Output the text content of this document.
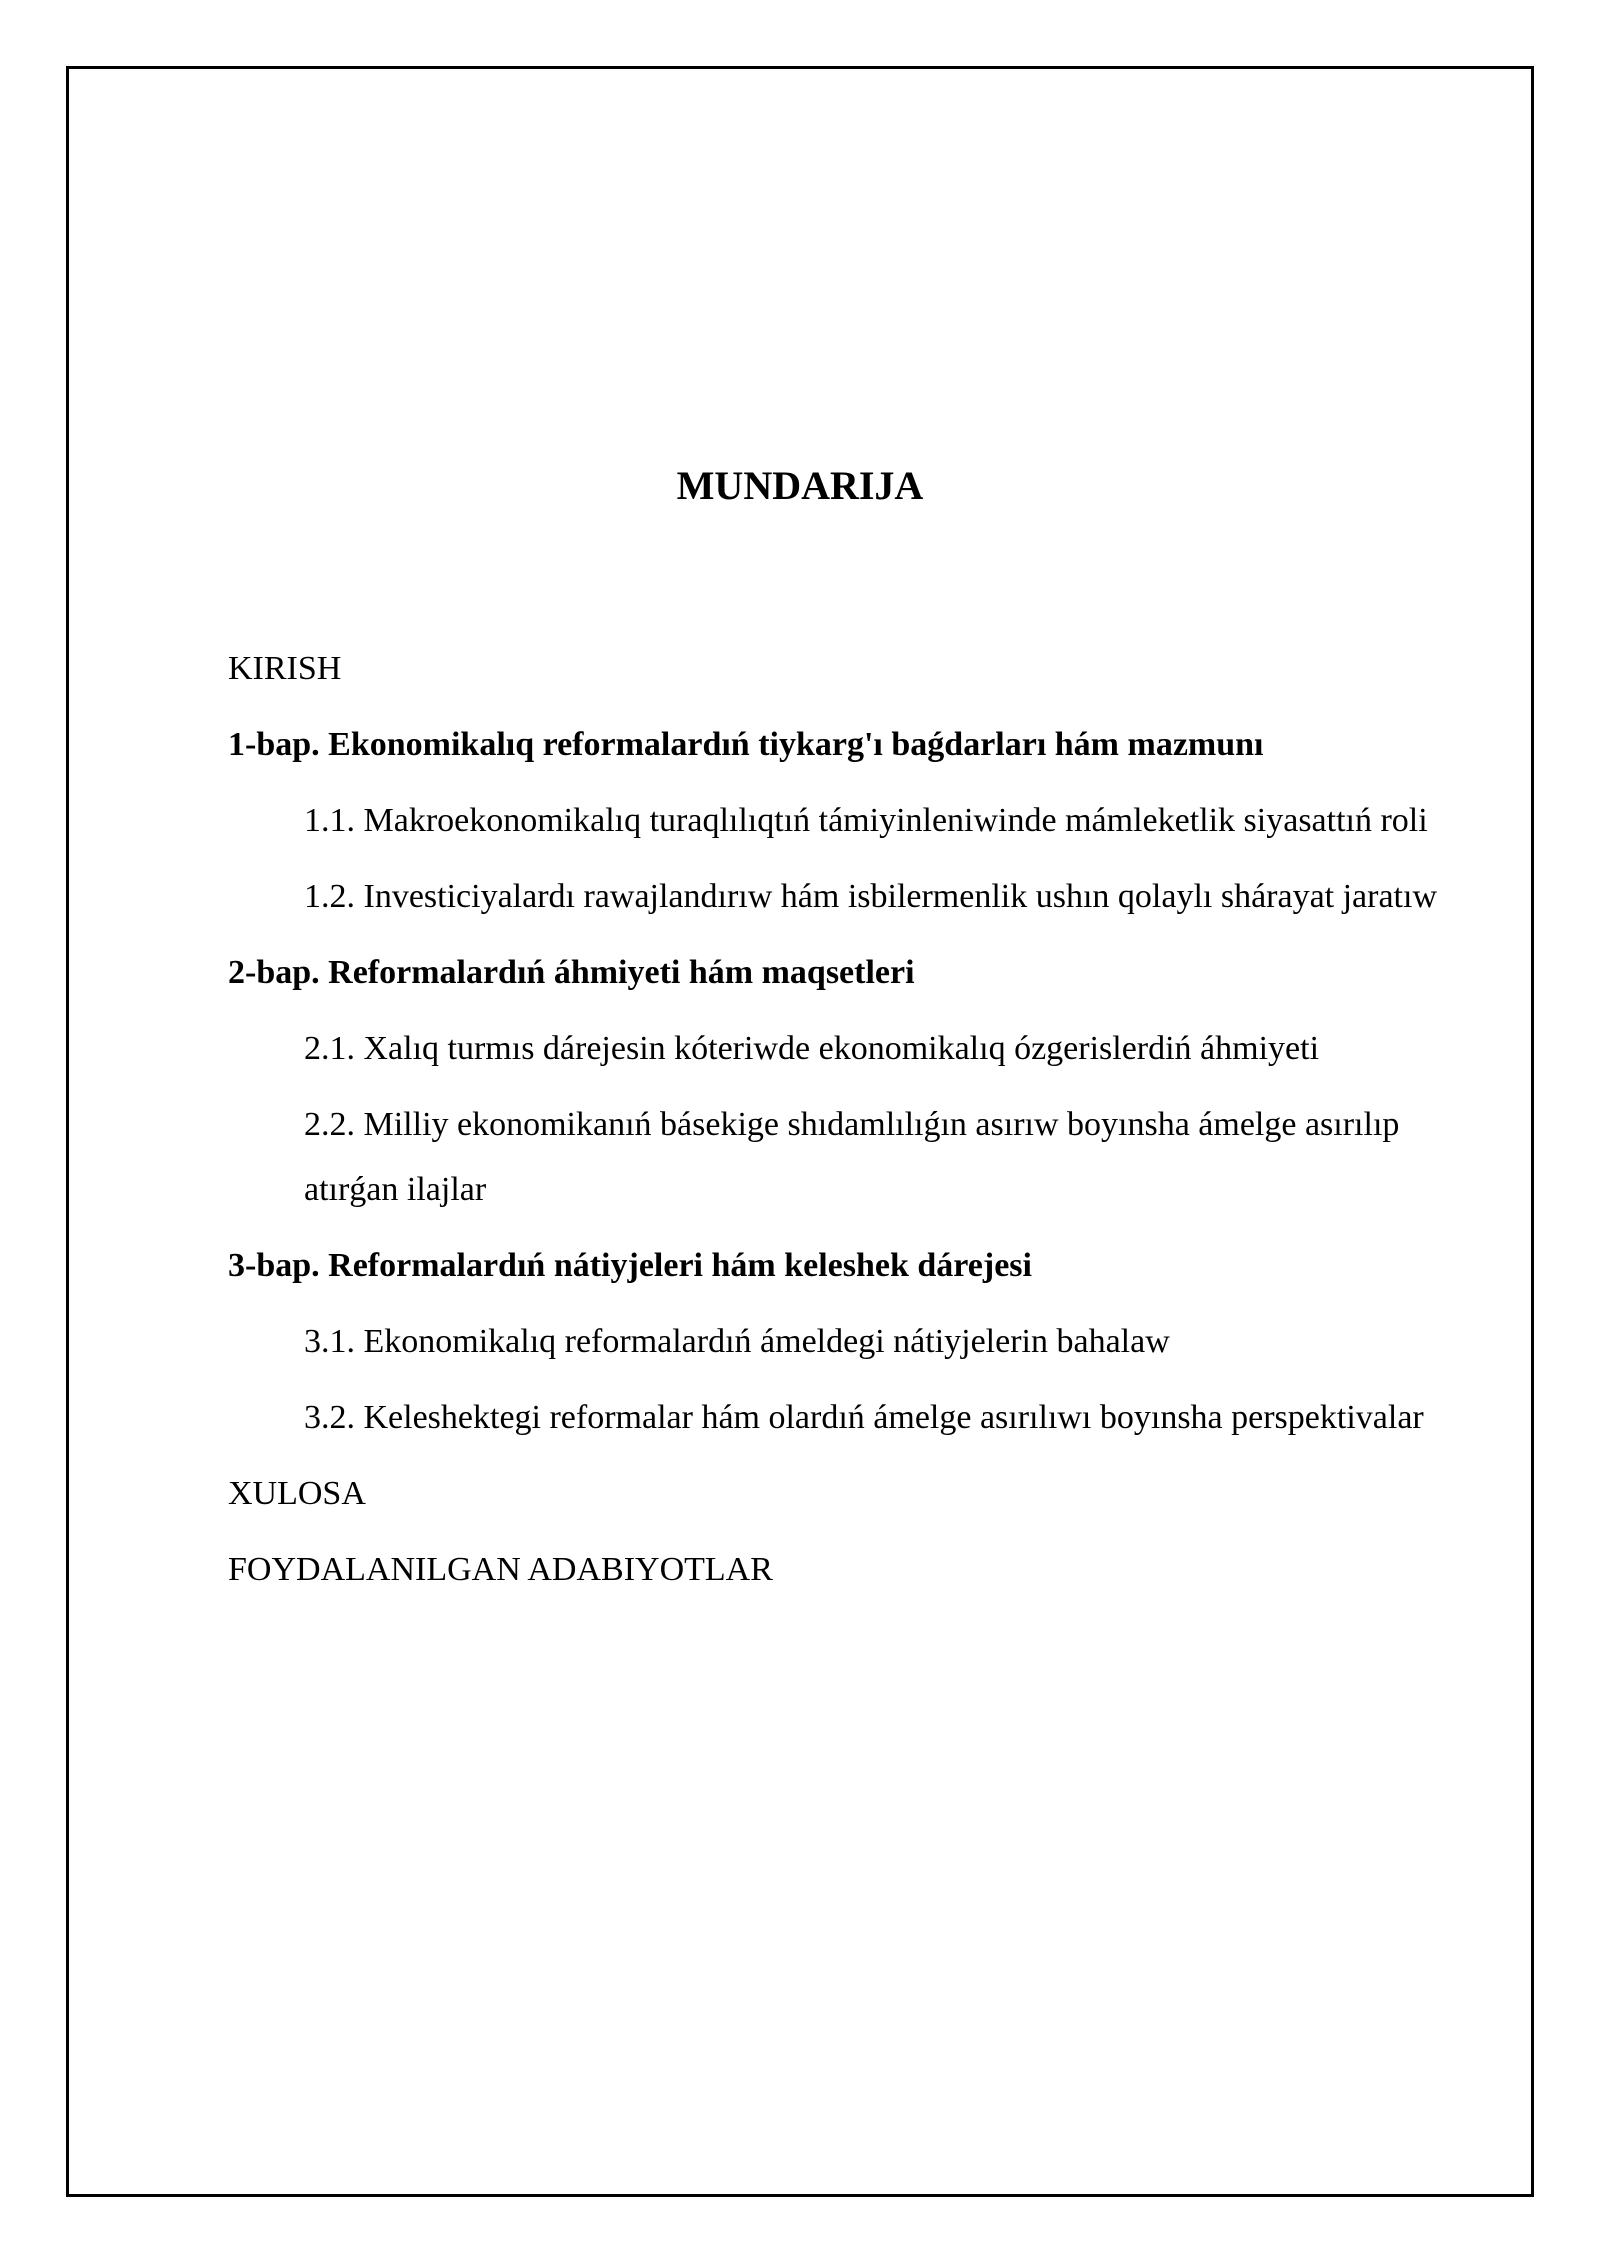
MUNDARIJA
KIRISH
1-bap. Ekonomikalıq reformalardıń tiykarg'ı baǵdarları hám mazmunı
1.1. Makroekonomikalıq turaqlılıqtıń támiyinleniwinde mámleketlik siyasattıń roli
1.2. Investiciyalardı rawajlandırıw hám isbilermenlik ushın qolaylı shárayat jaratıw
2-bap. Reformalardıń áhmiyeti hám maqsetleri
2.1. Xalıq turmıs dárejesin kóteriwde ekonomikalıq ózgerislerdiń áhmiyeti
2.2. Milliy ekonomikanıń básekige shıdamlılıǵın asırıw boyınsha ámelge asırılıp atırǵan ilajlar
3-bap. Reformalardıń nátiyjeleri hám keleshek dárejesi
3.1. Ekonomikalıq reformalardıń ámeldegi nátiyjelerin bahalaw
3.2. Keleshektegi reformalar hám olardıń ámelge asırılıwı boyınsha perspektivalar
XULOSA
FOYDALANILGAN ADABIYOTLAR
